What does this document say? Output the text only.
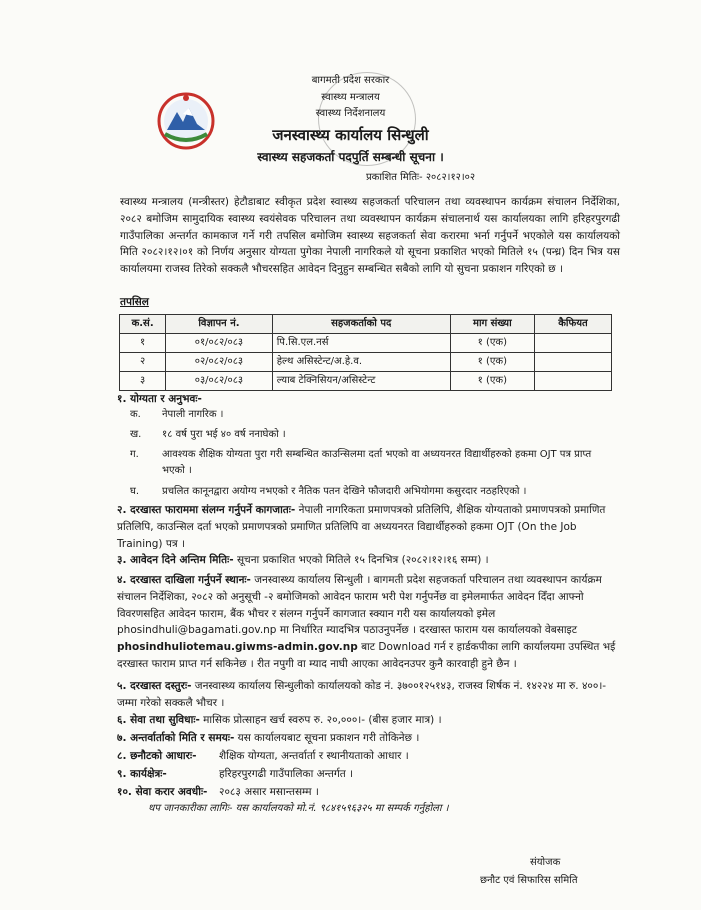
बागमती प्रदेश सरकार
स्वास्थ्य मन्त्रालय
स्वास्थ्य निर्देशनालय
जनस्वास्थ्य कार्यालय सिन्धुली
स्वास्थ्य सहजकर्ता पदपुर्ति सम्बन्धी सूचना ।
प्रकाशित मितिः- २०८२।१२।०२
स्वास्थ्य मन्त्रालय (मन्त्रीस्तर) हेटौडाबाट स्वीकृत प्रदेश स्वास्थ्य सहजकर्ता परिचालन तथा व्यवस्थापन कार्यक्रम संचालन निर्देशिका, २०८२ बमोजिम सामुदायिक स्वास्थ्य स्वयंसेवक परिचालन तथा व्यवस्थापन कार्यक्रम संचालनार्थ यस कार्यालयका लागि हरिहरपुरगढी गाउँपालिका अन्तर्गत कामकाज गर्ने गरी तपसिल बमोजिम स्वास्थ्य सहजकर्ता सेवा करारमा भर्ना गर्नुपर्ने भएकोले यस कार्यालयको मिति २०८२।१२।०१ को निर्णय अनुसार योग्यता पुगेका नेपाली नागरिकले यो सूचना प्रकाशित भएको मितिले १५ (पन्ध्र) दिन भित्र यस कार्यालयमा राजस्व तिरेको सक्कलै भौचरसहित आवेदन दिनुहुन सम्बन्धित सबैको लागि यो सुचना प्रकाशन गरिएको छ ।
तपसिल
क.सं.	विज्ञापन नं.	सहजकर्ताको पद	माग संख्या	कैफियत
१	०१/०८२/०८३	पि.सि.एल.नर्स	१ (एक)	
२	०२/०८२/०८३	हेल्थ असिस्टेन्ट/अ.हे.व.	१ (एक)	
३	०३/०८२/०८३	ल्याब टेक्निसियन/असिस्टेन्ट	१ (एक)	
१. योग्यता र अनुभवः-
क. नेपाली नागरिक ।
ख. १८ वर्ष पुरा भई ४० वर्ष ननाघेको ।
ग. आवश्यक शैक्षिक योग्यता पुरा गरी सम्बन्धित काउन्सिलमा दर्ता भएको वा अध्ययनरत विद्यार्थीहरुको हकमा OJT पत्र प्राप्त भएको ।
घ. प्रचलित कानूनद्वारा अयोग्य नभएको र नैतिक पतन देखिने फौजदारी अभियोगमा कसुरदार नठहरिएको ।
२. दरखास्त फाराममा संलग्न गर्नुपर्ने कागजातः- नेपाली नागरिकता प्रमाणपत्रको प्रतिलिपि, शैक्षिक योग्यताको प्रमाणपत्रको प्रमाणित प्रतिलिपि, काउन्सिल दर्ता भएको प्रमाणपत्रको प्रमाणित प्रतिलिपि वा अध्ययनरत विद्यार्थीहरुको हकमा OJT (On the Job Training) पत्र ।
३. आवेदन दिने अन्तिम मितिः- सूचना प्रकाशित भएको मितिले १५ दिनभित्र (२०८२।१२।१६ सम्म) ।
४. दरखास्त दाखिला गर्नुपर्ने स्थानः- जनस्वास्थ्य कार्यालय सिन्धुली । बागमती प्रदेश सहजकर्ता परिचालन तथा व्यवस्थापन कार्यक्रम संचालन निर्देशिका, २०८२ को अनुसूची -२ बमोजिमको आवेदन फाराम भरी पेश गर्नुपर्नेछ वा इमेलमार्फत आवेदन दिँदा आफ्नो विवरणसहित आवेदन फाराम, बैंक भौचर र संलग्न गर्नुपर्ने कागजात स्क्यान गरी यस कार्यालयको इमेल phosindhuli@bagamati.gov.np मा निर्धारित म्यादभित्र पठाउनुपर्नेछ । दरखास्त फाराम यस कार्यालयको वेबसाइट phosindhuliotemau.giwms-admin.gov.np बाट Download गर्न र हार्डकपीका लागि कार्यालयमा उपस्थित भई दरखास्त फाराम प्राप्त गर्न सकिनेछ । रीत नपुगी वा म्याद नाघी आएका आवेदनउपर कुनै कारवाही हुने छैन ।
५. दरखास्त दस्तुरः- जनस्वास्थ्य कार्यालय सिन्धुलीको कार्यालयको कोड नं. ३७००१२५१४३, राजस्व शिर्षक नं. १४२२४ मा रु. ४००।- जम्मा गरेको सक्कलै भौचर ।
६. सेवा तथा सुविधाः- मासिक प्रोत्साहन खर्च स्वरुप रु. २०,०००।- (बीस हजार मात्र) ।
७. अन्तर्वार्ताको मिति र समयः- यस कार्यालयबाट सूचना प्रकाशन गरी तोकिनेछ ।
८. छनौटको आधारः- शैक्षिक योग्यता, अन्तर्वार्ता र स्थानीयताको आधार ।
९. कार्यक्षेत्रः-	हरिहरपुरगढी गाउँपालिका अन्तर्गत ।
१०. सेवा करार अवधीः- २०८३ असार मसान्तसम्म ।
थप जानकारीका लागिः- यस कार्यालयको मो.नं. ९८४१५९६३२५ मा सम्पर्क गर्नुहोला ।
संयोजक
छनौट एवं सिफारिस समिति
